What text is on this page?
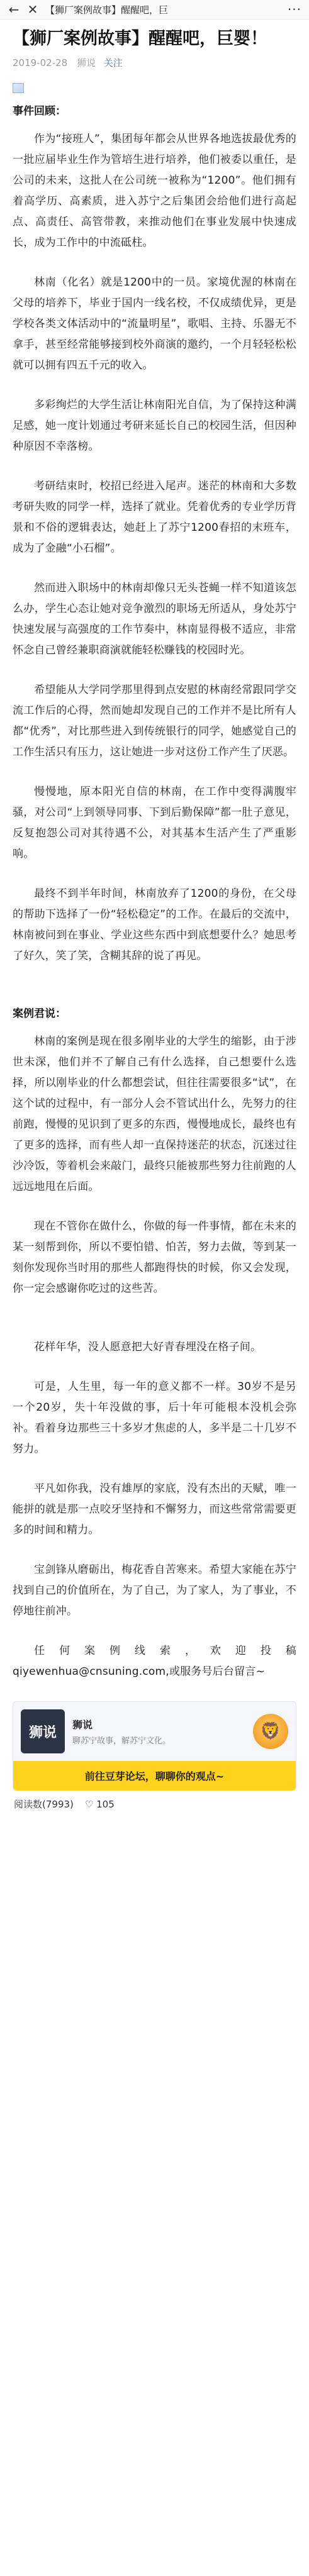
← ✕ 【狮厂案例故事】醒醒吧，巨	···
【狮厂案例故事】醒醒吧，巨婴！
2019-02-28 狮说 关注
事件回顾：

作为“接班人”，集团每年都会从世界各地选拔最优秀的一批应届毕业生作为管培生进行培养，他们被委以重任，是公司的未来，这批人在公司统一被称为“1200”。他们拥有着高学历、高素质，进入苏宁之后集团会给他们进行高起点、高责任、高管带教，来推动他们在事业发展中快速成长，成为工作中的中流砥柱。

林南（化名）就是1200中的一员。家境优渥的林南在父母的培养下，毕业于国内一线名校，不仅成绩优异，更是学校各类文体活动中的“流量明星”，歌唱、主持、乐器无不拿手，甚至经常能够接到校外商演的邀约，一个月轻轻松松就可以拥有四五千元的收入。

多彩绚烂的大学生活让林南阳光自信，为了保持这种满足感，她一度计划通过考研来延长自己的校园生活，但因种种原因不幸落榜。

考研结束时，校招已经进入尾声。迷茫的林南和大多数考研失败的同学一样，选择了就业。凭着优秀的专业学历背景和不俗的逻辑表达，她赶上了苏宁1200春招的末班车，成为了金融“小石榴”。

然而进入职场中的林南却像只无头苍蝇一样不知道该怎么办，学生心态让她对竞争激烈的职场无所适从，身处苏宁快速发展与高强度的工作节奏中，林南显得极不适应，非常怀念自己曾经兼职商演就能轻松赚钱的校园时光。

希望能从大学同学那里得到点安慰的林南经常跟同学交流工作后的心得，然而她却发现自己的工作并不是比所有人都“优秀”，对比那些进入到传统银行的同学，她感觉自己的工作生活只有压力，这让她进一步对这份工作产生了厌恶。

慢慢地，原本阳光自信的林南，在工作中变得满腹牢骚，对公司“上到领导同事、下到后勤保障”都一肚子意见，反复抱怨公司对其待遇不公，对其基本生活产生了严重影响。

最终不到半年时间，林南放弃了1200的身份，在父母的帮助下选择了一份“轻松稳定”的工作。在最后的交流中，林南被问到在事业、学业这些东西中到底想要什么？她思考了好久，笑了笑，含糊其辞的说了再见。

案例君说：

林南的案例是现在很多刚毕业的大学生的缩影，由于涉世未深，他们并不了解自己有什么选择，自己想要什么选择，所以刚毕业的什么都想尝试，但往往需要很多“试”，在这个试的过程中，有一部分人会不管试出什么，先努力的往前跑，慢慢的见识到了更多的东西，慢慢地成长，最终也有了更多的选择，而有些人却一直保持迷茫的状态，沉迷过往沙冷饭，等着机会来敲门，最终只能被那些努力往前跑的人远远地甩在后面。

现在不管你在做什么，你做的每一件事情，都在未来的某一刻帮到你，所以不要怕错、怕苦，努力去做，等到某一刻你发现你当时用的那些人都跑得快的时候，你又会发现，你一定会感谢你吃过的这些苦。

花样年华，没人愿意把大好青春埋没在格子间。

可是，人生里，每一年的意义都不一样。30岁不是另一个20岁，失十年没做的事，后十年可能根本没机会弥补。看着身边那些三十多岁才焦虑的人，多半是二十几岁不努力。

平凡如你我，没有雄厚的家底，没有杰出的天赋，唯一能拼的就是那一点咬牙坚持和不懈努力，而这些常常需要更多的时间和精力。

宝剑锋从磨砺出，梅花香自苦寒来。希望大家能在苏宁找到自己的价值所在，为了自己，为了家人，为了事业，不停地往前冲。

任何案例线索，欢迎投稿qiyewenhua@cnsuning.com,或服务号后台留言~

狮说	狮说
聊苏宁故事，解苏宁文化。
🦁
前往豆芽论坛，聊聊你的观点~
阅读数(7993) ♡ 105
